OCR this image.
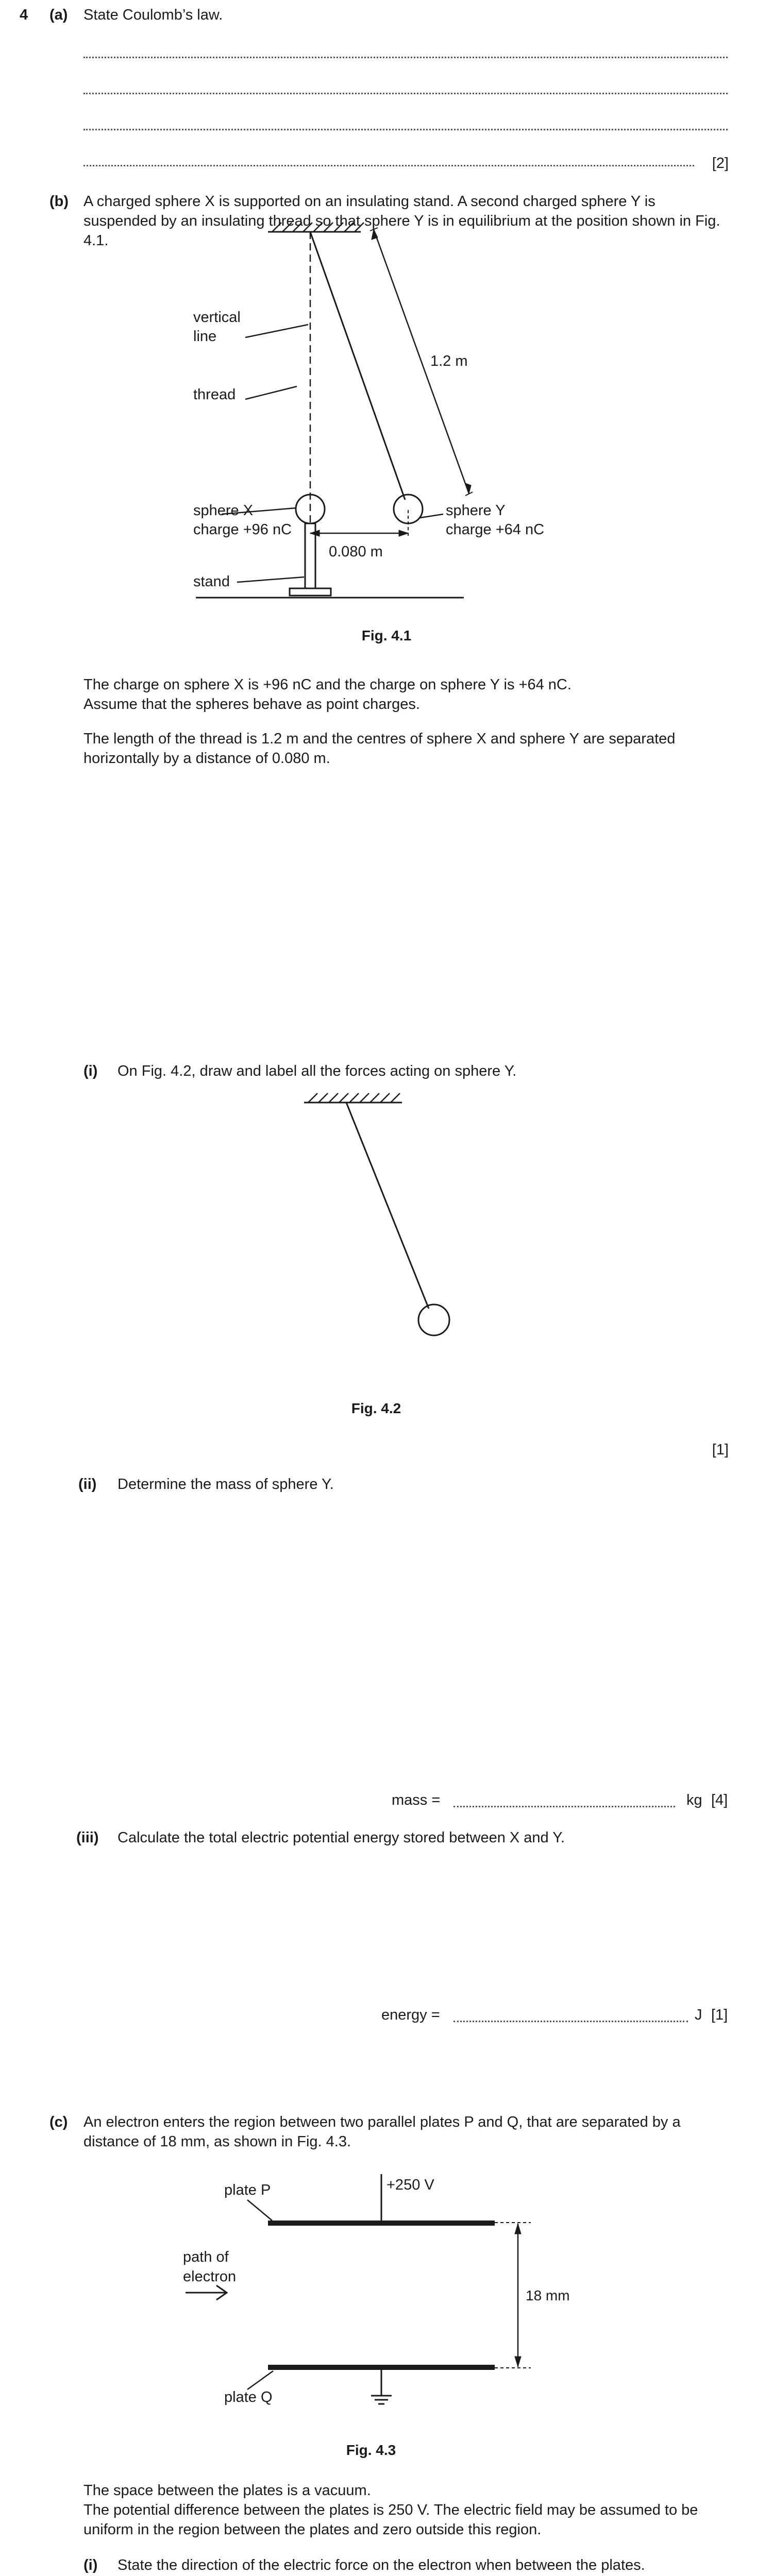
4 (a) State Coulomb’s law.
[2]
(b) A charged sphere X is supported on an insulating stand. A second charged sphere Y is suspended by an insulating thread so that sphere Y is in equilibrium at the position shown in Fig. 4.1.
vertical
line
thread
1.2 m
sphere X
charge +96 nC
sphere Y
charge +64 nC
0.080 m
stand
Fig. 4.1
The charge on sphere X is +96 nC and the charge on sphere Y is +64 nC.
Assume that the spheres behave as point charges.
The length of the thread is 1.2 m and the centres of sphere X and sphere Y are separated horizontally by a distance of 0.080 m.
(i) On Fig. 4.2, draw and label all the forces acting on sphere Y.
Fig. 4.2
[1]
(ii) Determine the mass of sphere Y.
mass =	kg [4]
(iii) Calculate the total electric potential energy stored between X and Y.
energy =	J [1]
(c) An electron enters the region between two parallel plates P and Q, that are separated by a distance of 18 mm, as shown in Fig. 4.3.
plate P	+250 V
path of
electron
18 mm
plate Q
Fig. 4.3
The space between the plates is a vacuum.
The potential difference between the plates is 250 V. The electric field may be assumed to be uniform in the region between the plates and zero outside this region.
(i) State the direction of the electric force on the electron when between the plates.
